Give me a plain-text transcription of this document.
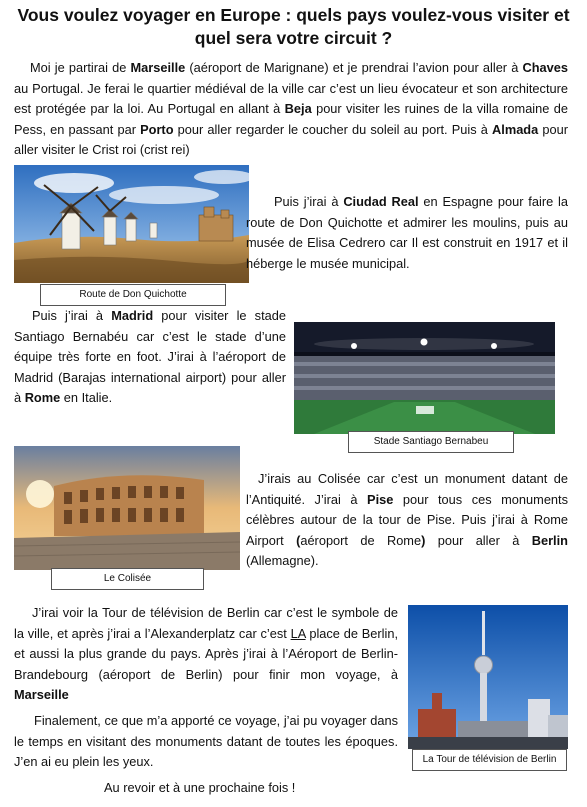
Vous voulez voyager en Europe : quels pays voulez-vous visiter et quel sera votre circuit ?
Moi je partirai de Marseille (aéroport de Marignane) et je prendrai l’avion pour aller à Chaves au Portugal. Je ferai le quartier médiéval de la ville car c’est un lieu évocateur et son architecture est protégée par la loi. Au Portugal en allant à Beja pour visiter les ruines de la villa romaine de Pess, en passant par Porto pour aller regarder le coucher du soleil au port. Puis à Almada pour aller visiter le Crist roi (crist rei)
Route de Don Quichotte
Puis j’irai à Ciudad Real en Espagne pour faire la route de Don Quichotte et admirer les moulins, puis au musée de Elisa Cedrero car Il est construit en 1917 et il héberge le musée municipal.
Puis j’irai à Madrid pour visiter le stade Santiago Bernabéu car c’est le stade d’une équipe très forte en foot. J’irai à l’aéroport de Madrid (Barajas international airport) pour aller à Rome en Italie.
Stade Santiago Bernabeu
Le Colisée
J’irais au Colisée car c’est un monument datant de l’Antiquité. J’irai à Pise pour tous ces monuments célèbres autour de la tour de Pise. Puis j’irai à Rome Airport (aéroport de Rome) pour aller à Berlin (Allemagne).
J’irai voir la Tour de télévision de Berlin car c’est le symbole de la ville, et après j’irai a l’Alexanderplatz car c’est LA place de Berlin, et aussi la plus grande du pays. Après j’irai à l’Aéroport de Berlin-Brandebourg (aéroport de Berlin) pour finir mon voyage, à Marseille
La Tour de télévision de Berlin
Finalement, ce que m’a apporté ce voyage, j’ai pu voyager dans le temps en visitant des monuments datant de toutes les époques. J’en ai eu plein les yeux.
Au revoir et à une prochaine fois !
